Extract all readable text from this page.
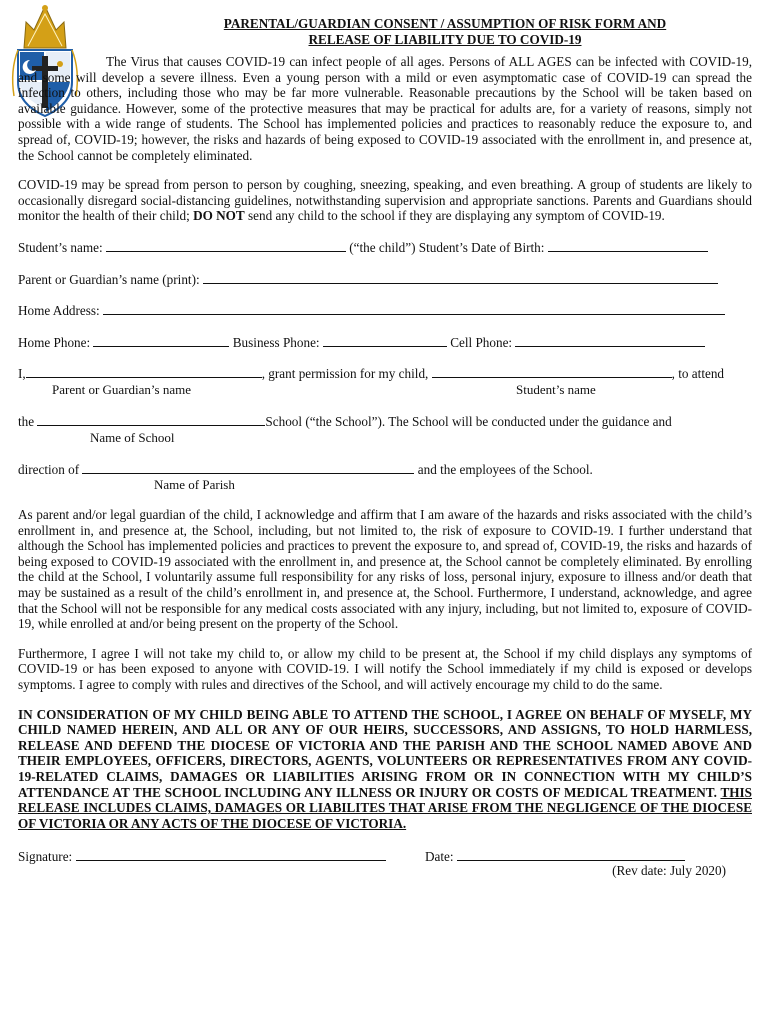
PARENTAL/GUARDIAN CONSENT / ASSUMPTION OF RISK FORM AND
RELEASE OF LIABILITY DUE TO COVID-19

The Virus that causes COVID-19 can infect people of all ages. Persons of ALL AGES can be infected with COVID-19, and some will develop a severe illness. Even a young person with a mild or even asymptomatic case of COVID-19 can spread the infection to others, including those who may be far more vulnerable. Reasonable precautions by the School will be taken based on available guidance. However, some of the protective measures that may be practical for adults are, for a variety of reasons, simply not possible with a wide range of students. The School has implemented policies and practices to reasonably reduce the exposure to, and spread of, COVID-19; however, the risks and hazards of being exposed to COVID-19 associated with the enrollment in, and presence at, the School cannot be completely eliminated.

COVID-19 may be spread from person to person by coughing, sneezing, speaking, and even breathing. A group of students are likely to occasionally disregard social-distancing guidelines, notwithstanding supervision and appropriate sanctions. Parents and Guardians should monitor the health of their child; DO NOT send any child to the school if they are displaying any symptom of COVID-19.

Student’s name:	(“the child”) Student’s Date of Birth:
Parent or Guardian’s name (print):
Home Address:
Home Phone:	Business Phone:	Cell Phone:
I,	, grant permission for my child,	, to attend
Parent or Guardian’s name	Student’s name
the	School (“the School”). The School will be conducted under the guidance and
Name of School
direction of	and the employees of the School.
Name of Parish

As parent and/or legal guardian of the child, I acknowledge and affirm that I am aware of the hazards and risks associated with the child’s enrollment in, and presence at, the School, including, but not limited to, the risk of exposure to COVID-19. I further understand that although the School has implemented policies and practices to prevent the exposure to, and spread of, COVID-19, the risks and hazards of being exposed to COVID-19 associated with the enrollment in, and presence at, the School cannot be completely eliminated. By enrolling the child at the School, I voluntarily assume full responsibility for any risks of loss, personal injury, exposure to illness and/or death that may be sustained as a result of the child’s enrollment in, and presence at, the School. Furthermore, I understand, acknowledge, and agree that the School will not be responsible for any medical costs associated with any injury, including, but not limited to, exposure of COVID-19, while enrolled at and/or being present on the property of the School.

Furthermore, I agree I will not take my child to, or allow my child to be present at, the School if my child displays any symptoms of COVID-19 or has been exposed to anyone with COVID-19. I will notify the School immediately if my child is exposed or develops symptoms. I agree to comply with rules and directives of the School, and will actively encourage my child to do the same.

IN CONSIDERATION OF MY CHILD BEING ABLE TO ATTEND THE SCHOOL, I AGREE ON BEHALF OF MYSELF, MY CHILD NAMED HEREIN, AND ALL OR ANY OF OUR HEIRS, SUCCESSORS, AND ASSIGNS, TO HOLD HARMLESS, RELEASE AND DEFEND THE DIOCESE OF VICTORIA AND THE PARISH AND THE SCHOOL NAMED ABOVE AND THEIR EMPLOYEES, OFFICERS, DIRECTORS, AGENTS, VOLUNTEERS OR REPRESENTATIVES FROM ANY COVID-19-RELATED CLAIMS, DAMAGES OR LIABILITIES ARISING FROM OR IN CONNECTION WITH MY CHILD’S ATTENDANCE AT THE SCHOOL INCLUDING ANY ILLNESS OR INJURY OR COSTS OF MEDICAL TREATMENT. THIS RELEASE INCLUDES CLAIMS, DAMAGES OR LIABILITES THAT ARISE FROM THE NEGLIGENCE OF THE DIOCESE OF VICTORIA OR ANY ACTS OF THE DIOCESE OF VICTORIA.

Signature:	Date:
(Rev date: July 2020)
